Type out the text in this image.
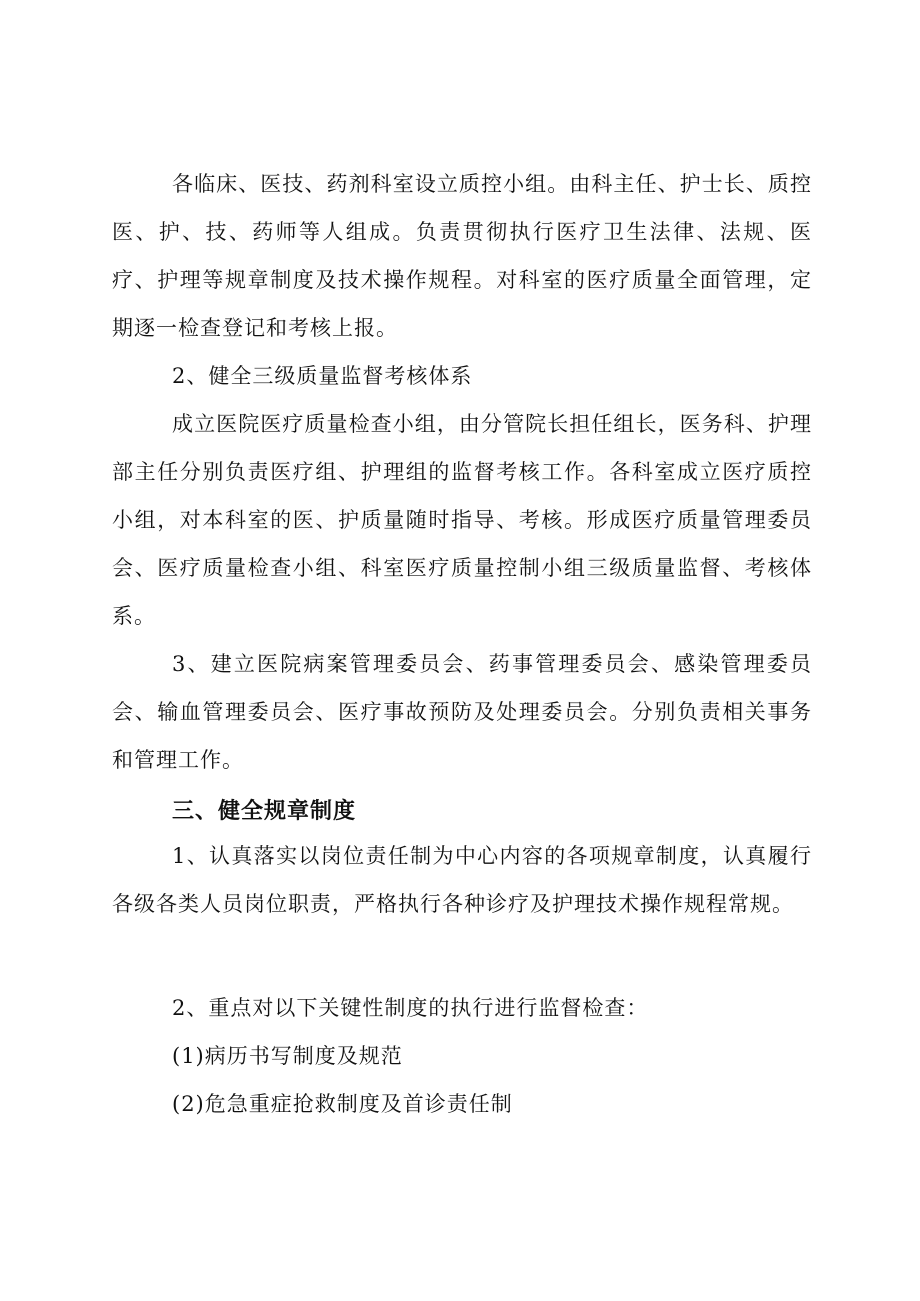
各临床、医技、药剂科室设立质控小组。由科主任、护士长、质控医、护、技、药师等人组成。负责贯彻执行医疗卫生法律、法规、医疗、护理等规章制度及技术操作规程。对科室的医疗质量全面管理，定期逐一检查登记和考核上报。

2、健全三级质量监督考核体系

成立医院医疗质量检查小组，由分管院长担任组长，医务科、护理部主任分别负责医疗组、护理组的监督考核工作。各科室成立医疗质控小组，对本科室的医、护质量随时指导、考核。形成医疗质量管理委员会、医疗质量检查小组、科室医疗质量控制小组三级质量监督、考核体系。

3、建立医院病案管理委员会、药事管理委员会、感染管理委员会、输血管理委员会、医疗事故预防及处理委员会。分别负责相关事务和管理工作。

三、健全规章制度

1、认真落实以岗位责任制为中心内容的各项规章制度，认真履行各级各类人员岗位职责，严格执行各种诊疗及护理技术操作规程常规。

2、重点对以下关键性制度的执行进行监督检查：

(1)病历书写制度及规范

(2)危急重症抢救制度及首诊责任制
